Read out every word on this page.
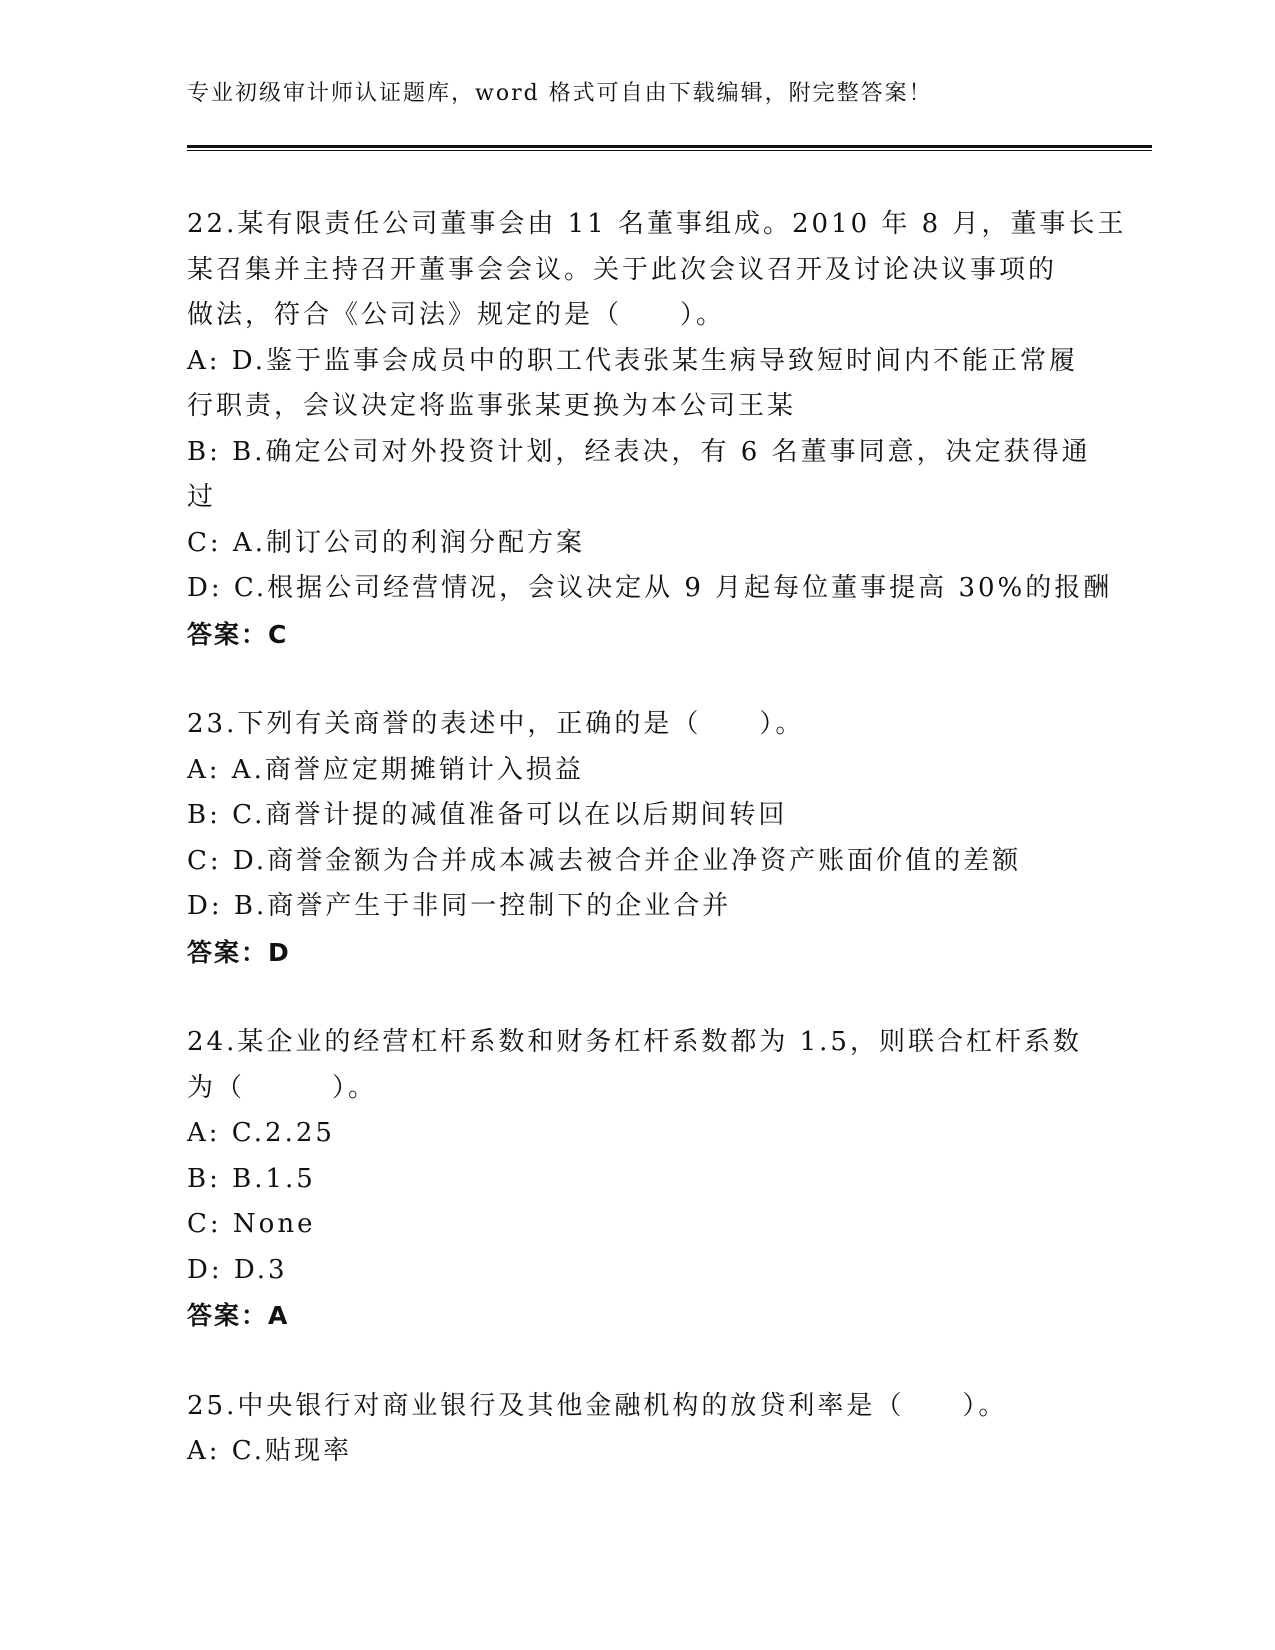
专业初级审计师认证题库，word 格式可自由下载编辑，附完整答案！
22.某有限责任公司董事会由 11 名董事组成。2010 年 8 月，董事长王
某召集并主持召开董事会会议。关于此次会议召开及讨论决议事项的
做法，符合《公司法》规定的是（　　）。
A: D.鉴于监事会成员中的职工代表张某生病导致短时间内不能正常履
行职责，会议决定将监事张某更换为本公司王某
B: B.确定公司对外投资计划，经表决，有 6 名董事同意，决定获得通
过
C: A.制订公司的利润分配方案
D: C.根据公司经营情况，会议决定从 9 月起每位董事提高 30%的报酬
答案：C
23.下列有关商誉的表述中，正确的是（　　）。
A: A.商誉应定期摊销计入损益
B: C.商誉计提的减值准备可以在以后期间转回
C: D.商誉金额为合并成本减去被合并企业净资产账面价值的差额
D: B.商誉产生于非同一控制下的企业合并
答案：D
24.某企业的经营杠杆系数和财务杠杆系数都为 1.5，则联合杠杆系数
为（　　　）。
A: C.2.25
B: B.1.5
C: None
D: D.3
答案：A
25.中央银行对商业银行及其他金融机构的放贷利率是（　　）。
A: C.贴现率
